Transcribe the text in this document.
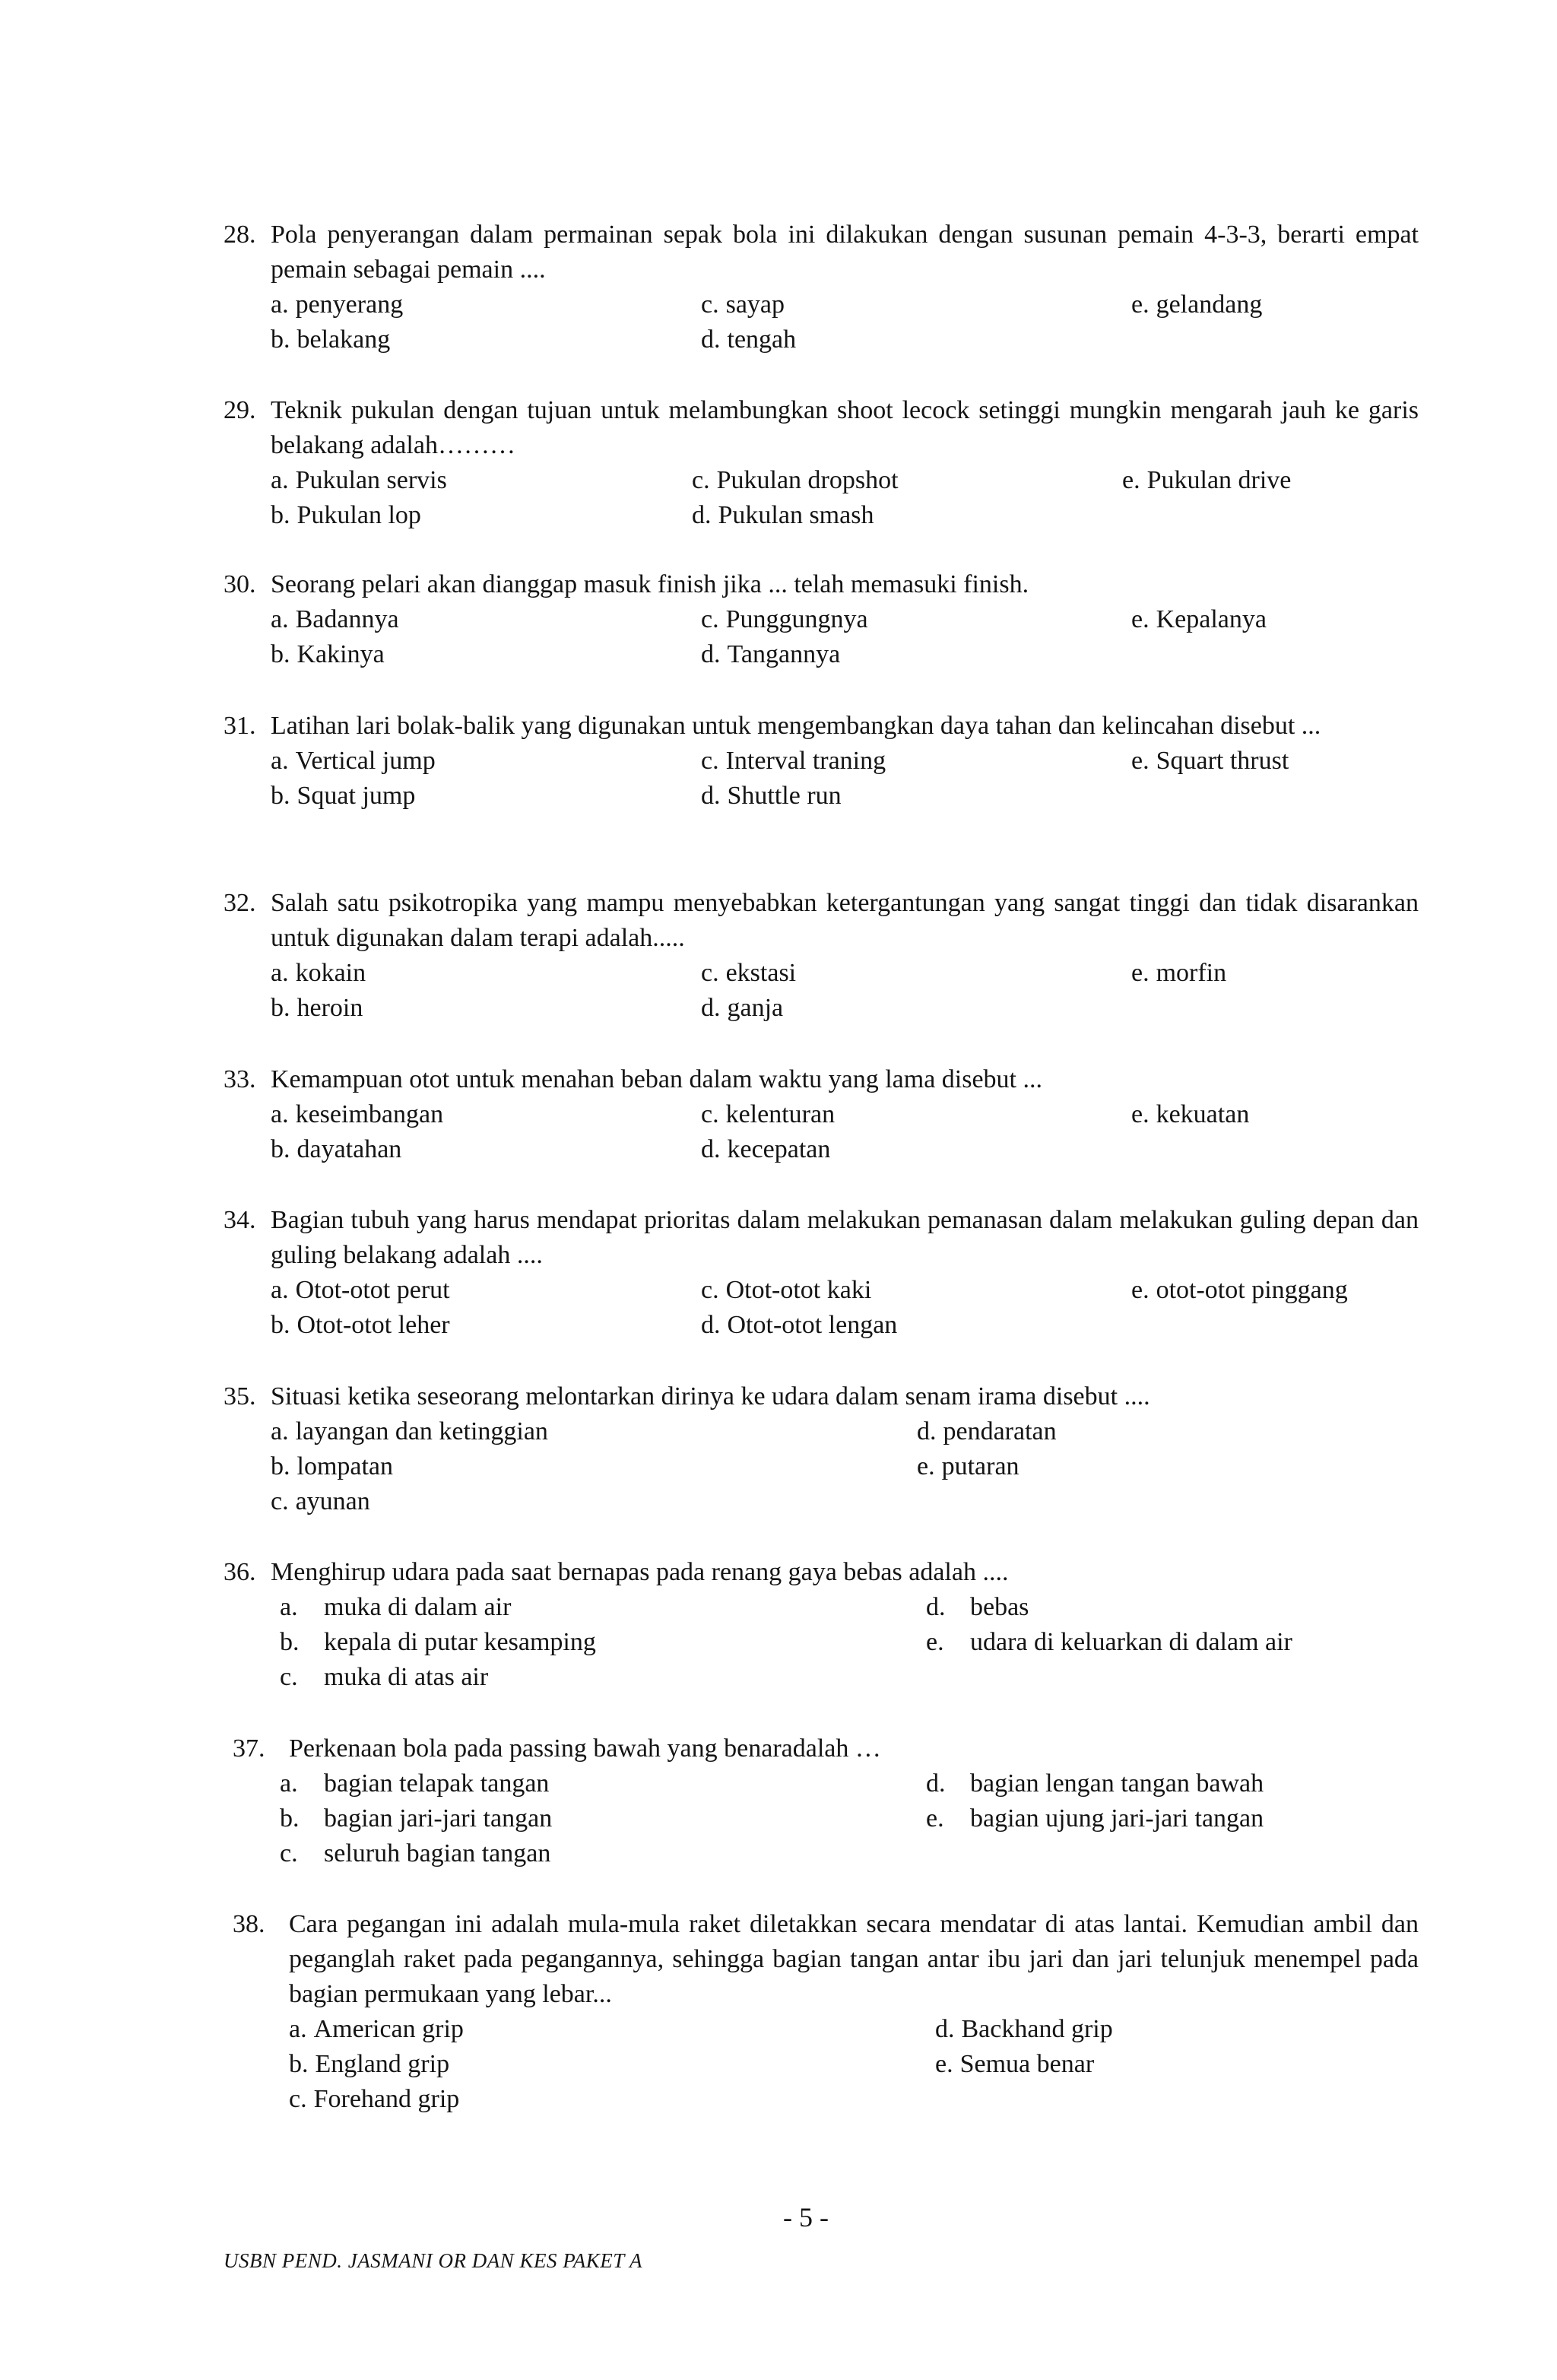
28. Pola penyerangan dalam permainan sepak bola ini dilakukan dengan susunan pemain 4-3-3, berarti empat pemain sebagai pemain ....
a. penyerang	c. sayap	e. gelandang
b. belakang	d. tengah
29. Teknik pukulan dengan tujuan untuk melambungkan shoot lecock setinggi mungkin mengarah jauh ke garis belakang adalah………
a. Pukulan servis	c. Pukulan dropshot	e. Pukulan drive
b. Pukulan lop	d. Pukulan smash
30. Seorang pelari akan dianggap masuk finish jika ... telah memasuki finish.
a. Badannya	c. Punggungnya	e. Kepalanya
b. Kakinya	d. Tangannya
31. Latihan lari bolak-balik yang digunakan untuk mengembangkan daya tahan dan kelincahan disebut ...
a. Vertical jump	c. Interval traning	e. Squart thrust
b. Squat jump	d. Shuttle run
32. Salah satu psikotropika yang mampu menyebabkan ketergantungan yang sangat tinggi dan tidak disarankan untuk digunakan dalam terapi adalah.....
a. kokain	c. ekstasi	e. morfin
b. heroin	d. ganja
33. Kemampuan otot untuk menahan beban dalam waktu yang lama disebut ...
a. keseimbangan	c. kelenturan	e. kekuatan
b. dayatahan	d. kecepatan
34. Bagian tubuh yang harus mendapat prioritas dalam melakukan pemanasan dalam melakukan guling depan dan guling belakang adalah ....
a. Otot-otot perut	c. Otot-otot kaki	e. otot-otot pinggang
b. Otot-otot leher	d. Otot-otot lengan
35. Situasi ketika seseorang melontarkan dirinya ke udara dalam senam irama disebut ....
a. layangan dan ketinggian	d. pendaratan
b. lompatan	e. putaran
c. ayunan
36. Menghirup udara pada saat bernapas pada renang gaya bebas adalah ....
a. muka di dalam air	d. bebas
b. kepala di putar kesamping	e. udara di keluarkan di dalam air
c. muka di atas air
37. Perkenaan bola pada passing bawah yang benaradalah …
a. bagian telapak tangan	d. bagian lengan tangan bawah
b. bagian jari-jari tangan	e. bagian ujung jari-jari tangan
c. seluruh bagian tangan
38. Cara pegangan ini adalah mula-mula raket diletakkan secara mendatar di atas lantai. Kemudian ambil dan peganglah raket pada pegangannya, sehingga bagian tangan antar ibu jari dan jari telunjuk menempel pada bagian permukaan yang lebar...
a. American grip	d. Backhand grip
b. England grip	e. Semua benar
c. Forehand grip
- 5 -
USBN PEND. JASMANI OR DAN KES PAKET A
